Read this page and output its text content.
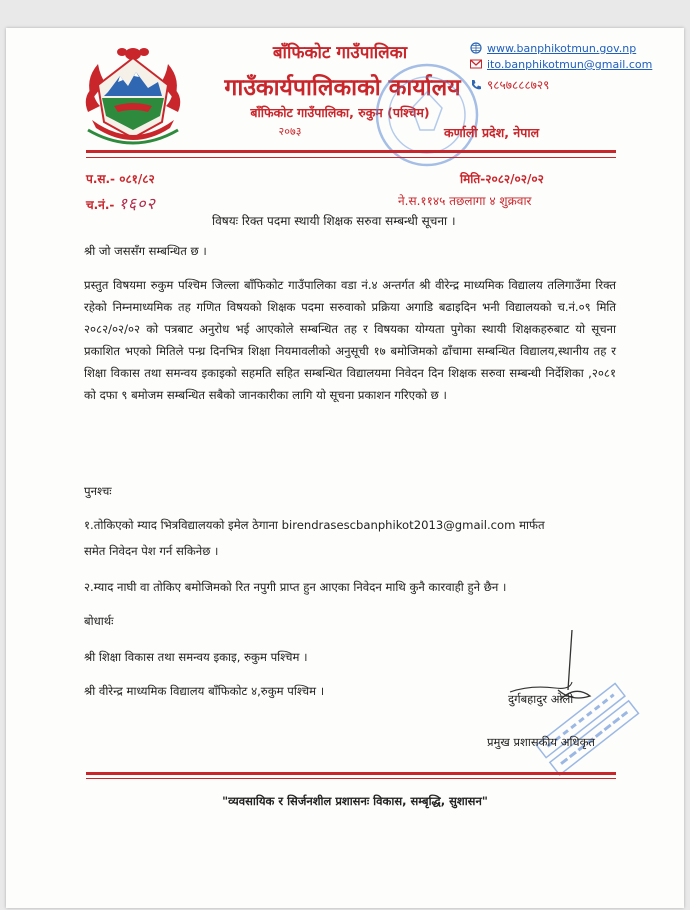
बाँफिकोट गाउँपालिका
गाउँकार्यपालिकाको कार्यालय
बाँफिकोट गाउँपालिका, रुकुम (पश्चिम)
२०७३
www.banphikotmun.gov.np
ito.banphikotmun@gmail.com
९८५७८८८७२९
कर्णाली प्रदेश, नेपाल
प.स.- ०८१/८२
च.नं.- १६०२
मिति-२०८२/०२/०२
ने.स.११४५ तछलागा ४ शुक्रवार
विषयः रिक्त पदमा स्थायी शिक्षक सरुवा सम्बन्धी सूचना ।
श्री जो जससँग सम्बन्धित छ ।
प्रस्तुत विषयमा रुकुम पश्चिम जिल्ला बाँफिकोट गाउँपालिका वडा नं.४ अन्तर्गत श्री वीरेन्द्र माध्यमिक विद्यालय तलिगाउँमा रिक्त रहेको निम्नमाध्यमिक तह गणित विषयको शिक्षक पदमा सरुवाको प्रक्रिया अगाडि बढाइदिन भनी विद्यालयको च.नं.०९ मिति २०८२/०२/०२ को पत्रबाट अनुरोध भई आएकोले सम्बन्धित तह र विषयका योग्यता पुगेका स्थायी शिक्षकहरुबाट यो सूचना प्रकाशित भएको मितिले पन्ध्र दिनभित्र शिक्षा नियमावलीको अनुसूची १७ बमोजिमको ढाँचामा सम्बन्धित विद्यालय,स्थानीय तह र शिक्षा विकास तथा समन्वय इकाइको सहमति सहित सम्बन्धित विद्यालयमा निवेदन दिन शिक्षक सरुवा सम्बन्धी निर्देशिका ,२०८१ को दफा ९ बमोजम सम्बन्धित सबैको जानकारीका लागि यो सूचना प्रकाशन गरिएको छ ।
पुनश्चः
१.तोकिएको म्याद भित्रविद्यालयको इमेल ठेगाना birendrasescbanphikot2013@gmail.com मार्फत
समेत निवेदन पेश गर्न सकिनेछ ।
२.म्याद नाघी वा तोकिए बमोजिमको रित नपुगी प्राप्त हुन आएका निवेदन माथि कुनै कारवाही हुने छैन ।
बोधार्थः
श्री शिक्षा विकास तथा समन्वय इकाइ, रुकुम पश्चिम ।
श्री वीरेन्द्र माध्यमिक विद्यालय बाँफिकोट ४,रुकुम पश्चिम ।
दुर्गबहादुर ओली
प्रमुख प्रशासकीय अधिकृत
"व्यवसायिक र सिर्जनशील प्रशासनः विकास, सम्बृद्धि, सुशासन"
